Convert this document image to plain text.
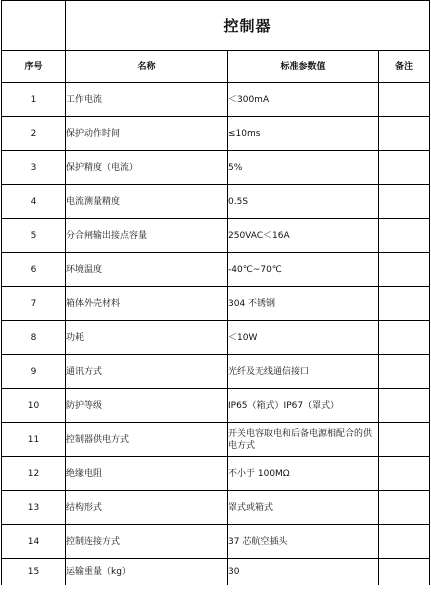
	控制器		
序号	名称	标准参数值	备注
1	工作电流	＜300mA	
2	保护动作时间	≤10ms	
3	保护精度（电流）	5%	
4	电流测量精度	0.5S	
5	分合闸输出接点容量	250VAC＜16A	
6	环境温度	-40℃~70℃	
7	箱体外壳材料	304 不锈钢	
8	功耗	＜10W	
9	通讯方式	光纤及无线通信接口	
10	防护等级	IP65（箱式）IP67（罩式）	
11	控制器供电方式	开关电容取电和后备电源相配合的供电方式	
12	绝缘电阻	不小于 100MΩ	
13	结构形式	罩式或箱式	
14	控制连接方式	37 芯航空插头	
15	运输重量（kg）	30	
